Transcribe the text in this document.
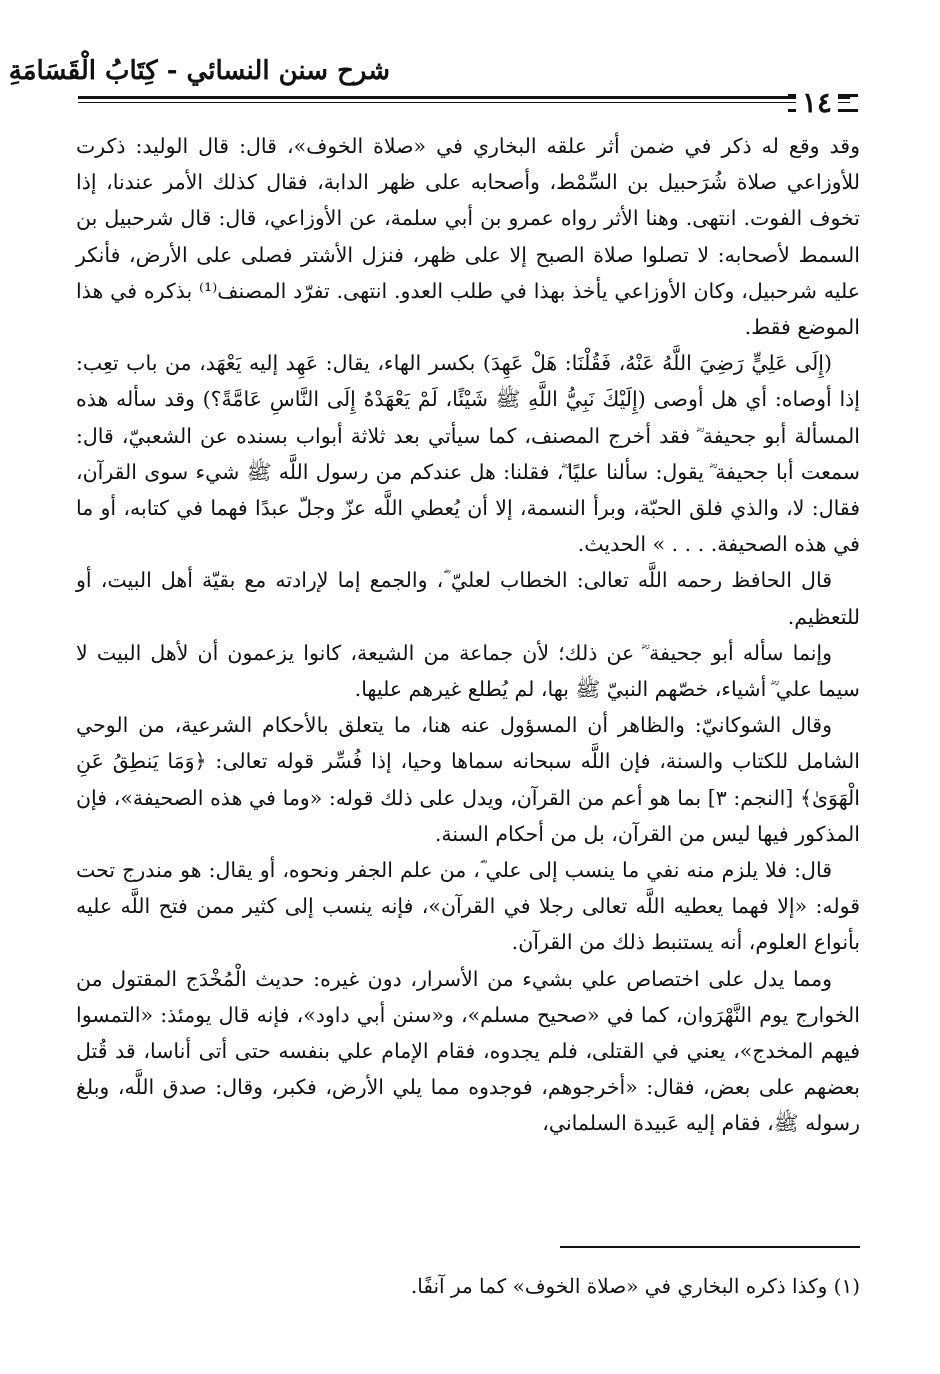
شرح سنن النسائي - كِتَابُ الْقَسَامَةِ
١٤

وقد وقع له ذكر في ضمن أثر علقه البخاري في «صلاة الخوف»، قال: قال الوليد: ذكرت للأوزاعي صلاة شُرَحبيل بن السِّمْط، وأصحابه على ظهر الدابة، فقال كذلك الأمر عندنا، إذا تخوف الفوت. انتهى. وهنا الأثر رواه عمرو بن أبي سلمة، عن الأوزاعي، قال: قال شرحبيل بن السمط لأصحابه: لا تصلوا صلاة الصبح إلا على ظهر، فنزل الأشتر فصلى على الأرض، فأنكر عليه شرحبيل، وكان الأوزاعي يأخذ بهذا في طلب العدو. انتهى. تفرّد المصنف⁽¹⁾ بذكره في هذا الموضع فقط.

(إِلَى عَلِيٍّ رَضِيَ اللَّهُ عَنْهُ، فَقُلْنَا: هَلْ عَهِدَ) بكسر الهاء، يقال: عَهِد إليه يَعْهَد، من باب تعِب: إذا أوصاه: أي هل أوصى (إِلَيْكَ نَبِيُّ اللَّهِ ﷺ شَيْئًا، لَمْ يَعْهَدْهُ إِلَى النَّاسِ عَامَّةً؟) وقد سأله هذه المسألة أبو جحيفة ؓ فقد أخرج المصنف، كما سيأتي بعد ثلاثة أبواب بسنده عن الشعبيّ، قال: سمعت أبا جحيفة ؓ يقول: سألنا عليًا ؓ، فقلنا: هل عندكم من رسول اللَّه ﷺ شيء سوى القرآن، فقال: لا، والذي فلق الحبّة، وبرأ النسمة، إلا أن يُعطي اللَّه عزّ وجلّ عبدًا فهما في كتابه، أو ما في هذه الصحيفة. . . . » الحديث.

قال الحافظ رحمه اللَّه تعالى: الخطاب لعليّ ؓ، والجمع إما لإرادته مع بقيّة أهل البيت، أو للتعظيم.

وإنما سأله أبو جحيفة ؓ عن ذلك؛ لأن جماعة من الشيعة، كانوا يزعمون أن لأهل البيت لا سيما علي ؓ أشياء، خصّهم النبيّ ﷺ بها، لم يُطلع غيرهم عليها.

وقال الشوكانيّ: والظاهر أن المسؤول عنه هنا، ما يتعلق بالأحكام الشرعية، من الوحي الشامل للكتاب والسنة، فإن اللَّه سبحانه سماها وحيا، إذا فُسِّر قوله تعالى: ﴿وَمَا يَنطِقُ عَنِ الْهَوَىٰ﴾ [النجم: ٣] بما هو أعم من القرآن، ويدل على ذلك قوله: «وما في هذه الصحيفة»، فإن المذكور فيها ليس من القرآن، بل من أحكام السنة.

قال: فلا يلزم منه نفي ما ينسب إلى علي ؓ، من علم الجفر ونحوه، أو يقال: هو مندرج تحت قوله: «إلا فهما يعطيه اللَّه تعالى رجلا في القرآن»، فإنه ينسب إلى كثير ممن فتح اللَّه عليه بأنواع العلوم، أنه يستنبط ذلك من القرآن.

ومما يدل على اختصاص علي بشيء من الأسرار، دون غيره: حديث الْمُخْدَج المقتول من الخوارج يوم النَّهْرَوان، كما في «صحيح مسلم»، و«سنن أبي داود»، فإنه قال يومئذ: «التمسوا فيهم المخدج»، يعني في القتلى، فلم يجدوه، فقام الإمام علي بنفسه حتى أتى أناسا، قد قُتل بعضهم على بعض، فقال: «أخرجوهم، فوجدوه مما يلي الأرض، فكبر، وقال: صدق اللَّه، وبلغ رسوله ﷺ، فقام إليه عَبيدة السلماني،

(١) وكذا ذكره البخاري في «صلاة الخوف» كما مر آنفًا.
